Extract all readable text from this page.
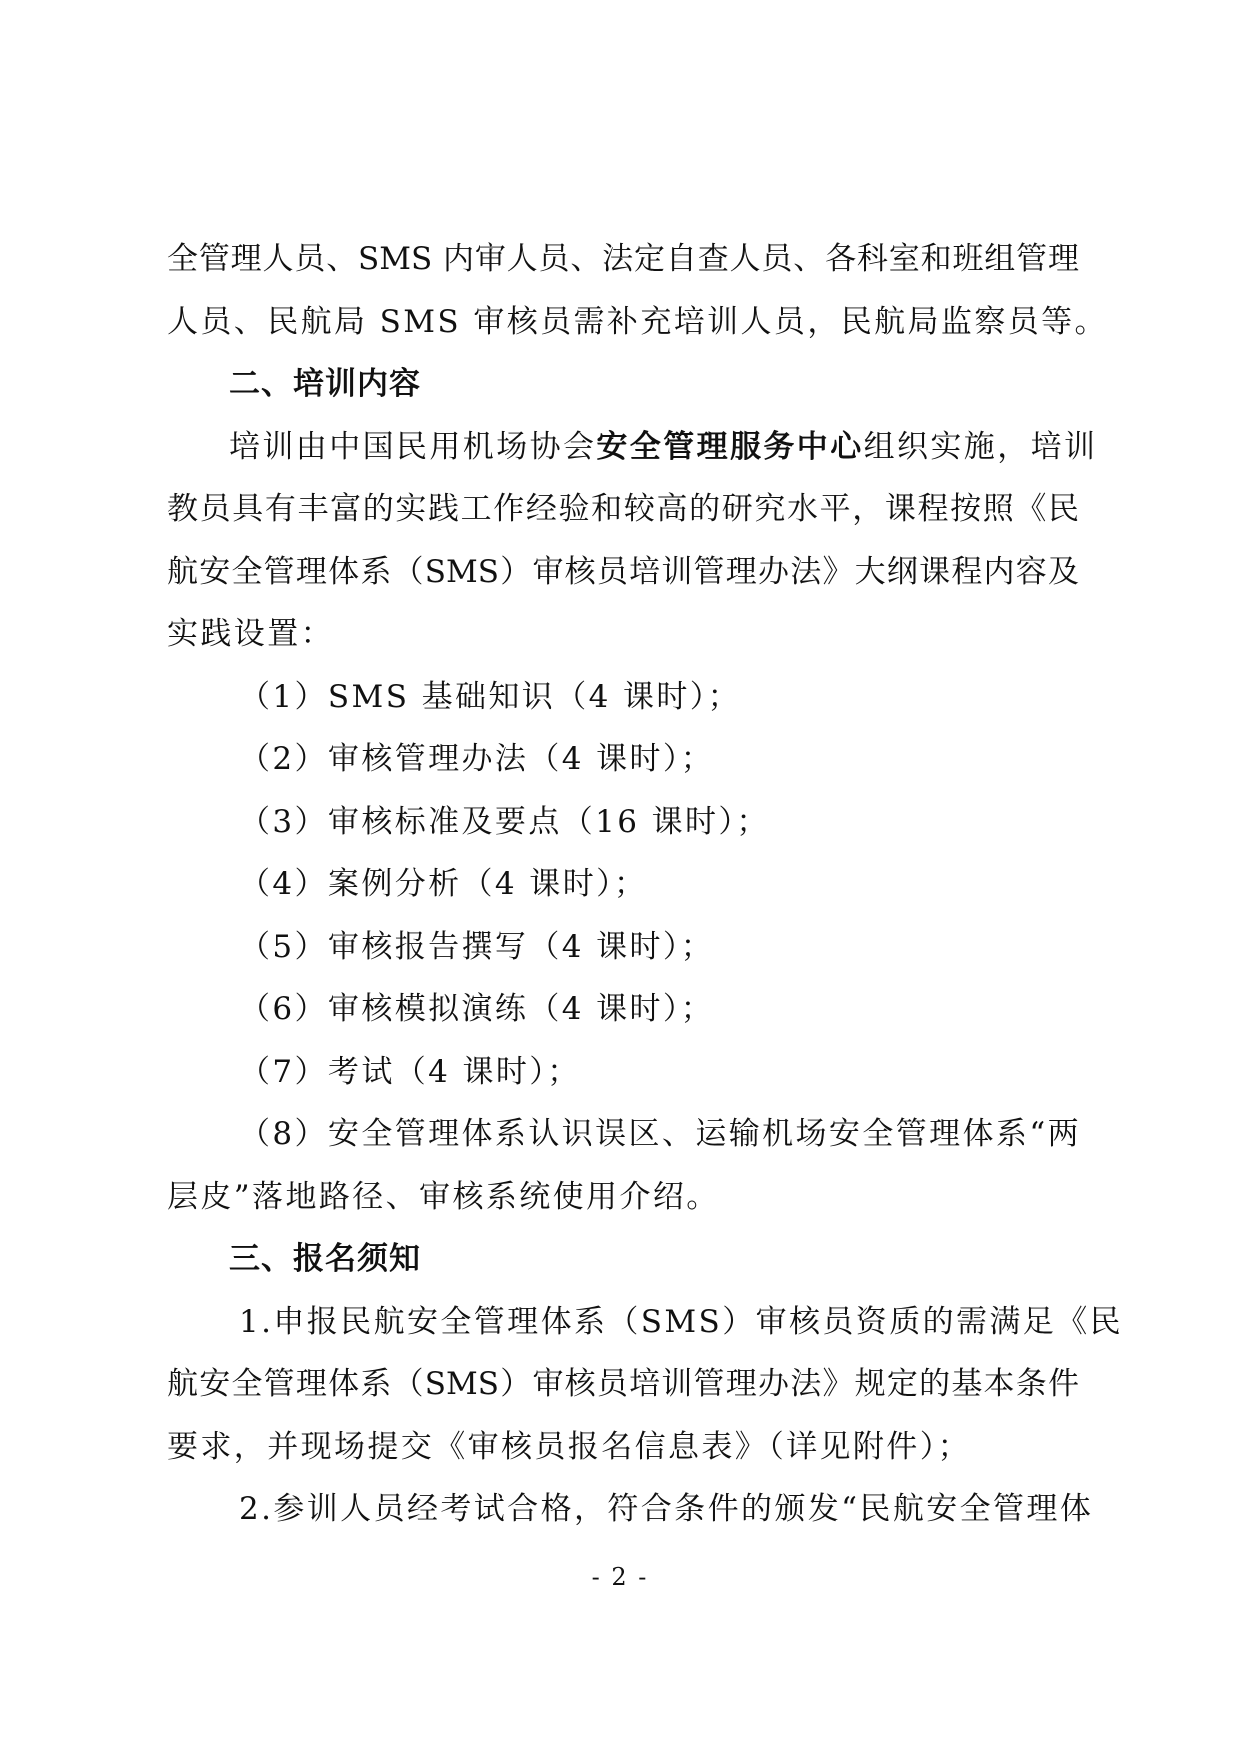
全管理人员、SMS 内审人员、法定自查人员、各科室和班组管理
人员、民航局 SMS 审核员需补充培训人员，民航局监察员等。
二、培训内容
培训由中国民用机场协会安全管理服务中心组织实施，培训
教员具有丰富的实践工作经验和较高的研究水平，课程按照《民
航安全管理体系（SMS）审核员培训管理办法》大纲课程内容及
实践设置：
（1）SMS 基础知识（4 课时）；
（2）审核管理办法（4 课时）；
（3）审核标准及要点（16 课时）；
（4）案例分析（4 课时）；
（5）审核报告撰写（4 课时）；
（6）审核模拟演练（4 课时）；
（7）考试（4 课时）；
（8）安全管理体系认识误区、运输机场安全管理体系“两
层皮”落地路径、审核系统使用介绍。
三、报名须知
1.申报民航安全管理体系（SMS）审核员资质的需满足《民
航安全管理体系（SMS）审核员培训管理办法》规定的基本条件
要求，并现场提交《审核员报名信息表》（详见附件）；
2.参训人员经考试合格，符合条件的颁发“民航安全管理体
- 2 -
